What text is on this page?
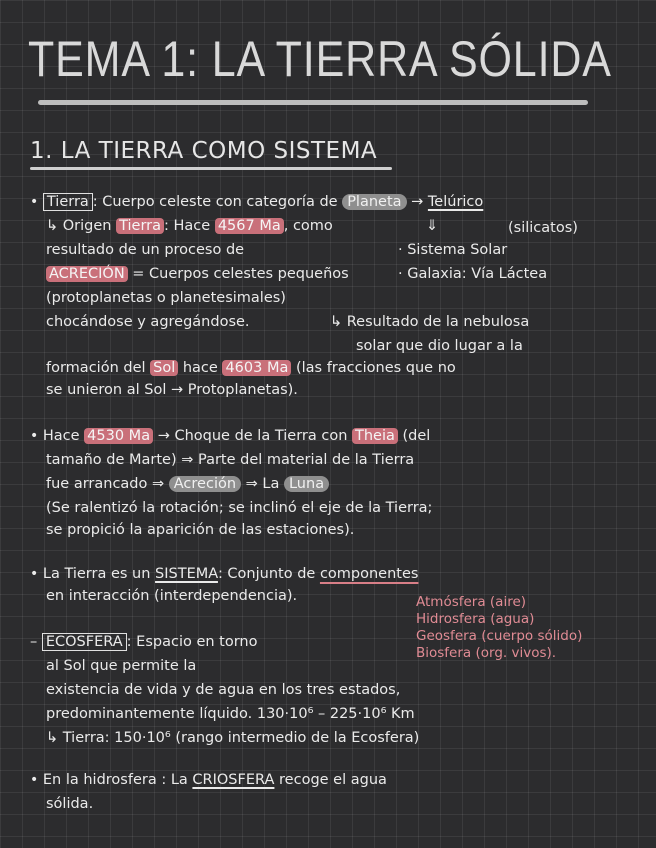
TEMA 1: LA TIERRA SÓLIDA
1. LA TIERRA COMO SISTEMA
• Tierra : Cuerpo celeste con categoría de Planeta → Telúrico
↳ Origen Tierra : Hace 4567 Ma , como	⇓	(silicatos)
resultado de un proceso de	· Sistema Solar
ACRECIÓN = Cuerpos celestes pequeños	· Galaxia: Vía Láctea
(protoplanetas o planetesimales)
chocándose y agregándose.	↳ Resultado de la nebulosa
solar que dio lugar a la
formación del Sol hace 4603 Ma (las fracciones que no
se unieron al Sol → Protoplanetas).
• Hace 4530 Ma → Choque de la Tierra con Theia (del
tamaño de Marte) ⇒ Parte del material de la Tierra
fue arrancado ⇒ Acreción ⇒ La Luna
(Se ralentizó la rotación; se inclinó el eje de la Tierra;
se propició la aparición de las estaciones).
• La Tierra es un SISTEMA: Conjunto de componentes
en interacción (interdependencia).	Atmósfera (aire)
Hidrosfera (agua)
Geosfera (cuerpo sólido)
Biosfera (org. vivos).
– ECOSFERA : Espacio en torno
al Sol que permite la
existencia de vida y de agua en los tres estados,
predominantemente líquido. 130·10⁶ – 225·10⁶ Km
↳ Tierra: 150·10⁶ (rango intermedio de la Ecosfera)
• En la hidrosfera : La CRIOSFERA recoge el agua
sólida.
